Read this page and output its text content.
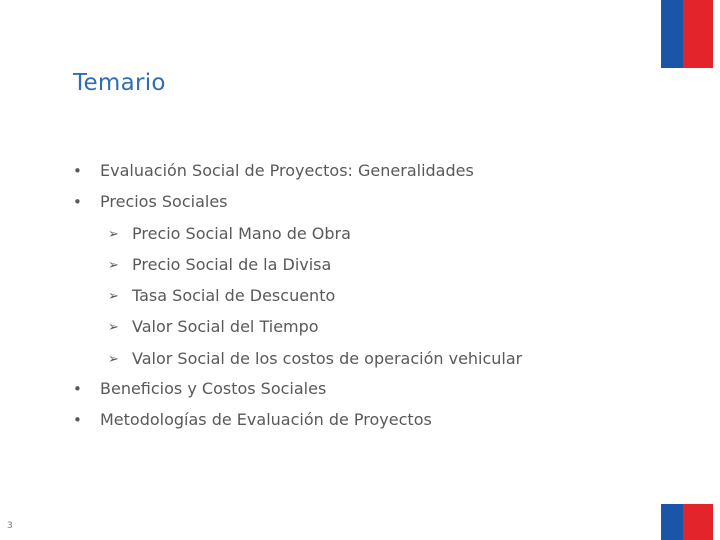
Temario
• Evaluación Social de Proyectos: Generalidades
• Precios Sociales
➢ Precio Social Mano de Obra
➢ Precio Social de la Divisa
➢ Tasa Social de Descuento
➢ Valor Social del Tiempo
➢ Valor Social de los costos de operación vehicular
• Beneficios y Costos Sociales
• Metodologías de Evaluación de Proyectos
3
